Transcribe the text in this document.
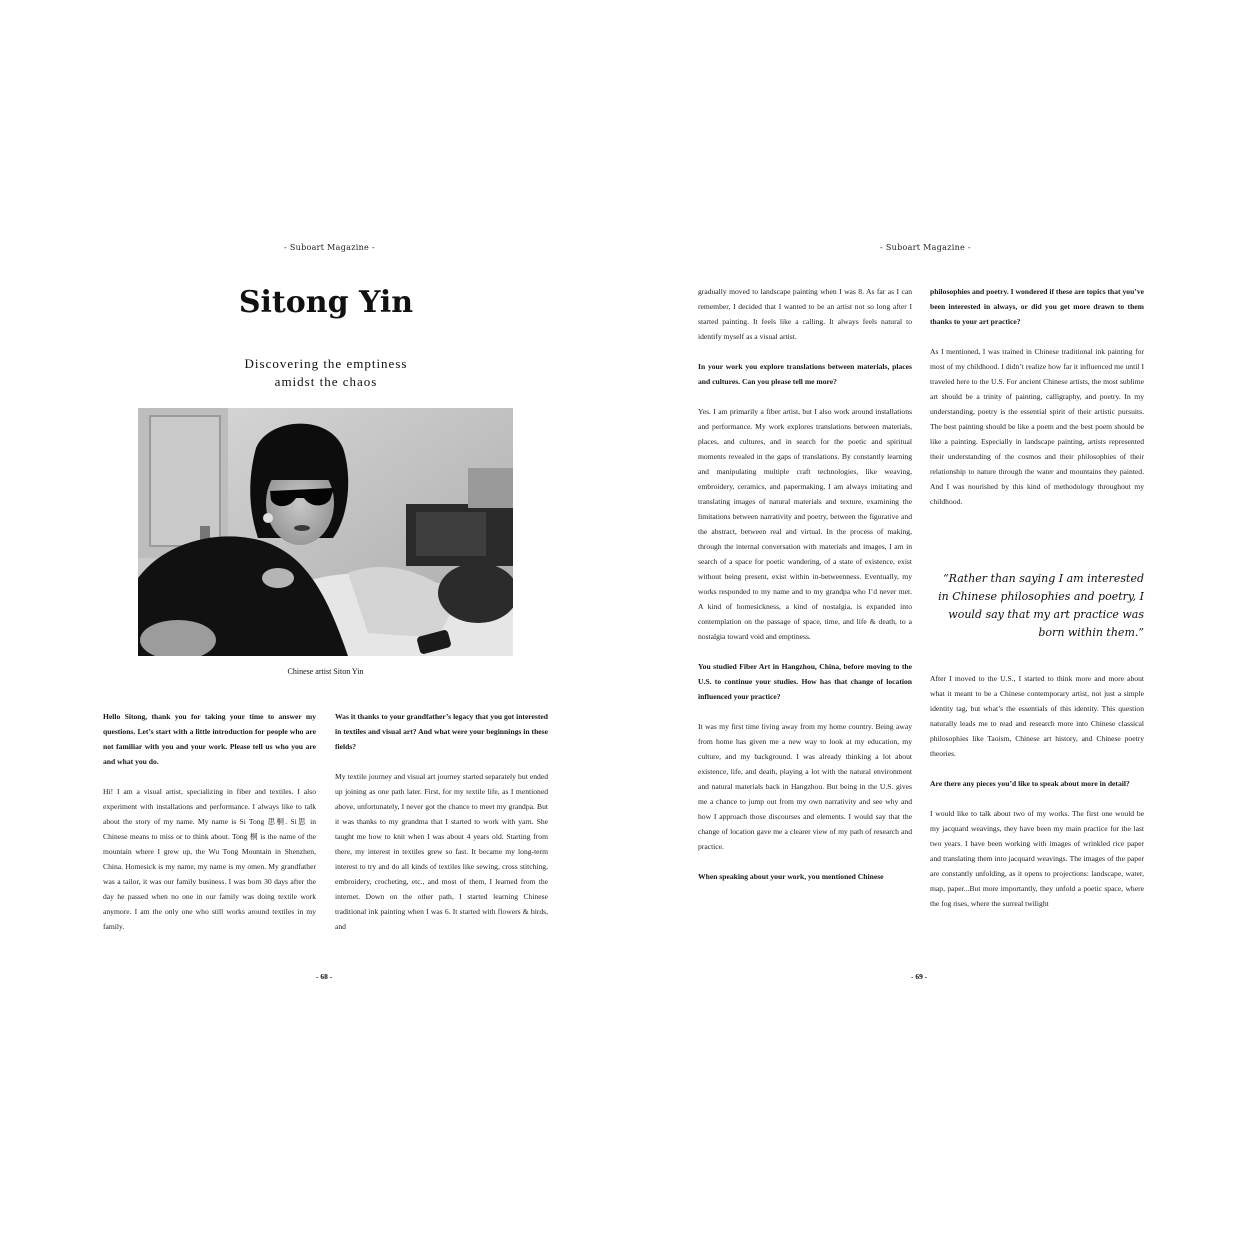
- Suboart Magazine -
Sitong Yin
Discovering the emptiness
amidst the chaos
Chinese artist Siton Yin

Hello Sitong, thank you for taking your time to answer my questions. Let’s start with a little introduction for people who are not familiar with you and your work. Please tell us who you are and what you do.

Hi! I am a visual artist, specializing in fiber and textiles. I also experiment with installations and performance. I always like to talk about the story of my name. My name is Si Tong 思桐. Si思 in Chinese means to miss or to think about. Tong 桐 is the name of the mountain where I grew up, the Wu Tong Mountain in Shenzhen, China. Homesick is my name, my name is my omen. My grandfather was a tailor, it was our family business. I was born 30 days after the day he passed when no one in our family was doing textile work anymore. I am the only one who still works around textiles in my family.

Was it thanks to your grandfather’s legacy that you got interested in textiles and visual art? And what were your beginnings in these fields?

My textile journey and visual art journey started separately but ended up joining as one path later. First, for my textile life, as I mentioned above, unfortunately, I never got the chance to meet my grandpa. But it was thanks to my grandma that I started to work with yarn. She taught me how to knit when I was about 4 years old. Starting from there, my interest in textiles grew so fast. It became my long-term interest to try and do all kinds of textiles like sewing, cross stitching, embroidery, crocheting, etc., and most of them, I learned from the internet. Down on the other path, I started learning Chinese traditional ink painting when I was 6. It started with flowers & birds, and

- 68 -
- Suboart Magazine -

gradually moved to landscape painting when I was 8. As far as I can remember, I decided that I wanted to be an artist not so long after I started painting. It feels like a calling. It always feels natural to identify myself as a visual artist.

In your work you explore translations between materials, places and cultures. Can you please tell me more?

Yes. I am primarily a fiber artist, but I also work around installations and performance. My work explores translations between materials, places, and cultures, and in search for the poetic and spiritual moments revealed in the gaps of translations. By constantly learning and manipulating multiple craft technologies, like weaving, embroidery, ceramics, and papermaking, I am always imitating and translating images of natural materials and texture, examining the limitations between narrativity and poetry, between the figurative and the abstract, between real and virtual. In the process of making, through the internal conversation with materials and images, I am in search of a space for poetic wandering, of a state of existence, exist without being present, exist within in-betweenness. Eventually, my works responded to my name and to my grandpa who I’d never met. A kind of homesickness, a kind of nostalgia, is expanded into contemplation on the passage of space, time, and life & death, to a nostalgia toward void and emptiness.

You studied Fiber Art in Hangzhou, China, before moving to the U.S. to continue your studies. How has that change of location influenced your practice?

It was my first time living away from my home country. Being away from home has given me a new way to look at my education, my culture, and my background. I was already thinking a lot about existence, life, and death, playing a lot with the natural environment and natural materials back in Hangzhou. But being in the U.S. gives me a chance to jump out from my own narrativity and see why and how I approach those discourses and elements. I would say that the change of location gave me a clearer view of my path of research and practice.

When speaking about your work, you mentioned Chinese

philosophies and poetry. I wondered if these are topics that you’ve been interested in always, or did you get more drawn to them thanks to your art practice?

As I mentioned, I was trained in Chinese traditional ink painting for most of my childhood. I didn’t realize how far it influenced me until I traveled here to the U.S. For ancient Chinese artists, the most sublime art should be a trinity of painting, calligraphy, and poetry. In my understanding, poetry is the essential spirit of their artistic pursuits. The best painting should be like a poem and the best poem should be like a painting. Especially in landscape painting, artists represented their understanding of the cosmos and their philosophies of their relationship to nature through the water and mountains they painted. And I was nourished by this kind of methodology throughout my childhood.

“Rather than saying I am interested in Chinese philosophies and poetry, I would say that my art practice was born within them.”

After I moved to the U.S., I started to think more and more about what it meant to be a Chinese contemporary artist, not just a simple identity tag, but what’s the essentials of this identity. This question naturally leads me to read and research more into Chinese classical philosophies like Taoism, Chinese art history, and Chinese poetry theories.

Are there any pieces you’d like to speak about more in detail?

I would like to talk about two of my works. The first one would be my jacquard weavings, they have been my main practice for the last two years. I have been working with images of wrinkled rice paper and translating them into jacquard weavings. The images of the paper are constantly unfolding, as it opens to projections: landscape, water, map, paper...But more importantly, they unfold a poetic space, where the fog rises, where the surreal twilight

- 69 -
